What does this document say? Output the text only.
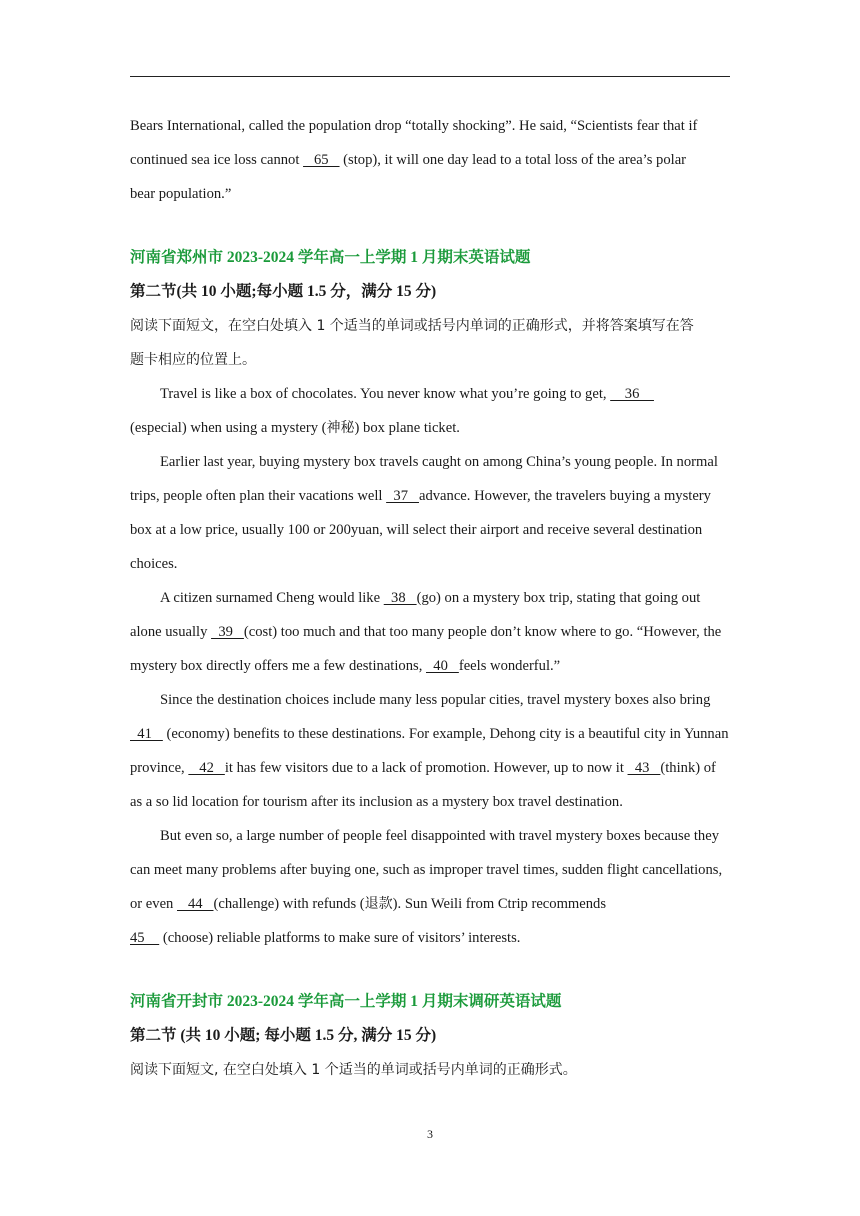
Bears International, called the population drop “totally shocking”. He said, “Scientists fear that if

continued sea ice loss cannot    65    (stop), it will one day lead to a total loss of the area’s polar

bear population.”

河南省郑州市 2023-2024 学年高一上学期 1 月期末英语试题

第二节(共 10 小题;每小题 1.5 分，满分 15 分)

阅读下面短文，在空白处填入 1 个适当的单词或括号内单词的正确形式，并将答案填写在答
题卡相应的位置上。

Travel is like a box of chocolates. You never know what you’re going to get,     36
(especial) when using a mystery (神秘) box plane ticket.

Earlier last year, buying mystery box travels caught on among China’s young people. In normal trips, people often plan their vacations well   37   advance. However, the travelers buying a mystery box at a low price, usually 100 or 200yuan, will select their airport and receive several destination choices.

A citizen surnamed Cheng would like   38   (go) on a mystery box trip, stating that going out alone usually   39   (cost) too much and that too many people don’t know where to go. “However, the mystery box directly offers me a few destinations,   40   feels wonderful.”

Since the destination choices include many less popular cities, travel mystery boxes also bring   41    (economy) benefits to these destinations. For example, Dehong city is a beautiful city in Yunnan province,    42   it has few visitors due to a lack of promotion. However, up to now it   43   (think) of as a so lid location for tourism after its inclusion as a mystery box travel destination.

But even so, a large number of people feel disappointed with travel mystery boxes because they can meet many problems after buying one, such as improper travel times, sudden flight cancellations, or even    44   (challenge) with refunds (退款). Sun Weili from Ctrip recommends
45     (choose) reliable platforms to make sure of visitors’ interests.

河南省开封市 2023-2024 学年高一上学期 1 月期末调研英语试题

第二节 (共 10 小题; 每小题 1.5 分, 满分 15 分)

阅读下面短文, 在空白处填入 1 个适当的单词或括号内单词的正确形式。

3
